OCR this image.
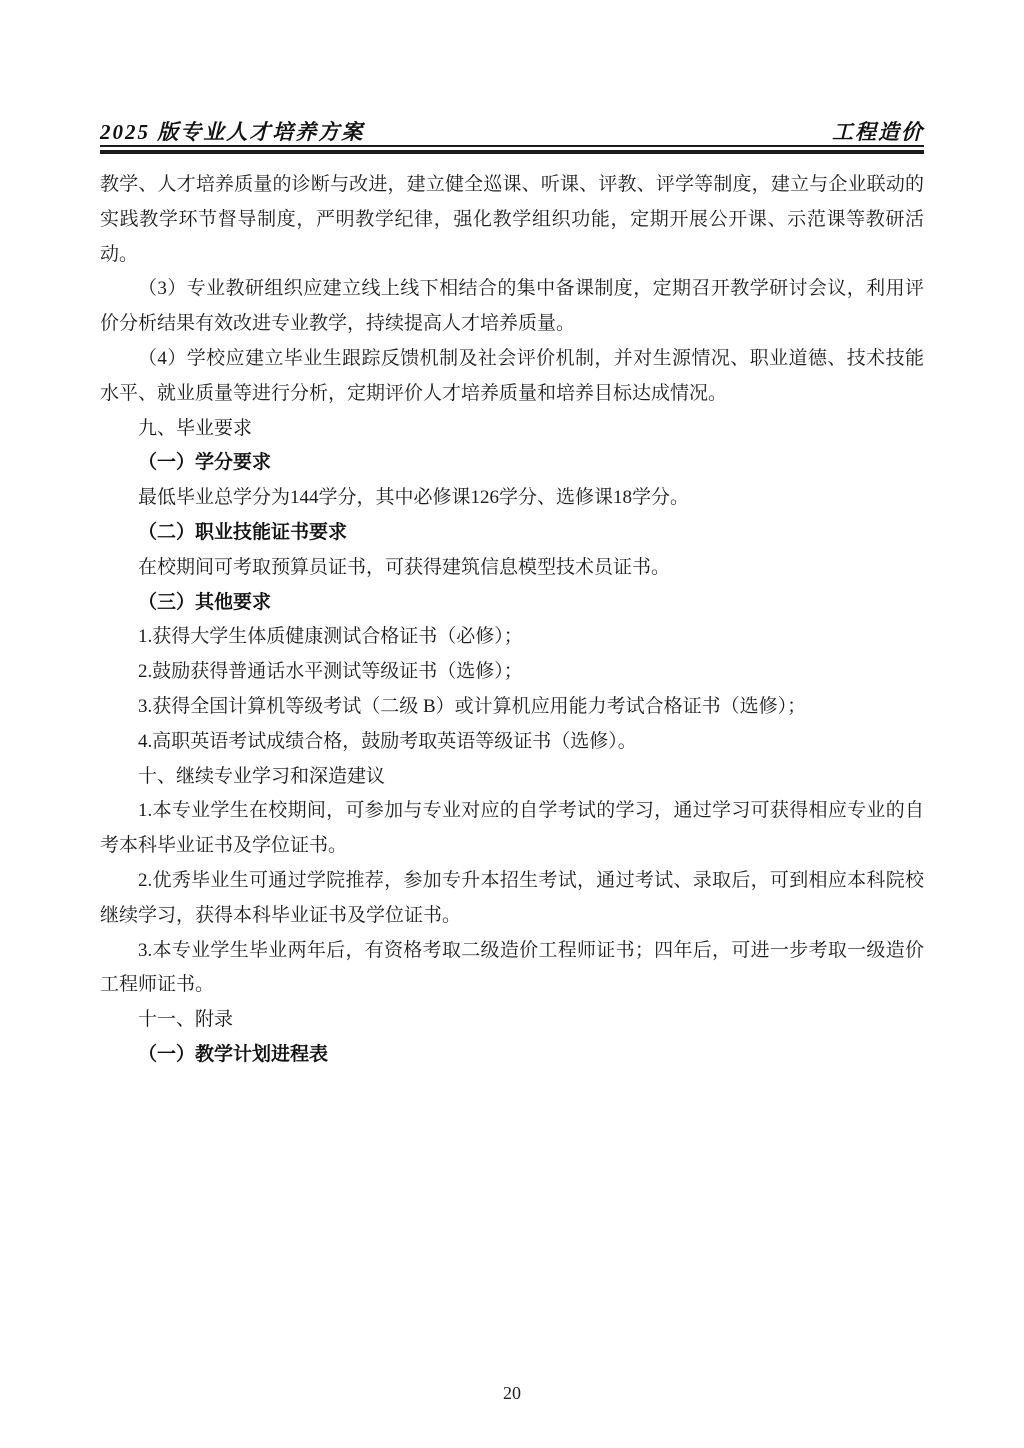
2025 版专业人才培养方案	工程造价

教学、人才培养质量的诊断与改进，建立健全巡课、听课、评教、评学等制度，建立与企业联动的实践教学环节督导制度，严明教学纪律，强化教学组织功能，定期开展公开课、示范课等教研活动。

（3）专业教研组织应建立线上线下相结合的集中备课制度，定期召开教学研讨会议，利用评价分析结果有效改进专业教学，持续提高人才培养质量。

（4）学校应建立毕业生跟踪反馈机制及社会评价机制，并对生源情况、职业道德、技术技能水平、就业质量等进行分析，定期评价人才培养质量和培养目标达成情况。

九、毕业要求
（一）学分要求

最低毕业总学分为144学分，其中必修课126学分、选修课18学分。

（二）职业技能证书要求

在校期间可考取预算员证书，可获得建筑信息模型技术员证书。

（三）其他要求

1.获得大学生体质健康测试合格证书（必修）；

2.鼓励获得普通话水平测试等级证书（选修）；

3.获得全国计算机等级考试（二级 B）或计算机应用能力考试合格证书（选修）；

4.高职英语考试成绩合格，鼓励考取英语等级证书（选修）。

十、继续专业学习和深造建议

1.本专业学生在校期间，可参加与专业对应的自学考试的学习，通过学习可获得相应专业的自考本科毕业证书及学位证书。

2.优秀毕业生可通过学院推荐，参加专升本招生考试，通过考试、录取后，可到相应本科院校继续学习，获得本科毕业证书及学位证书。

3.本专业学生毕业两年后，有资格考取二级造价工程师证书；四年后，可进一步考取一级造价工程师证书。

十一、附录
（一）教学计划进程表
20
